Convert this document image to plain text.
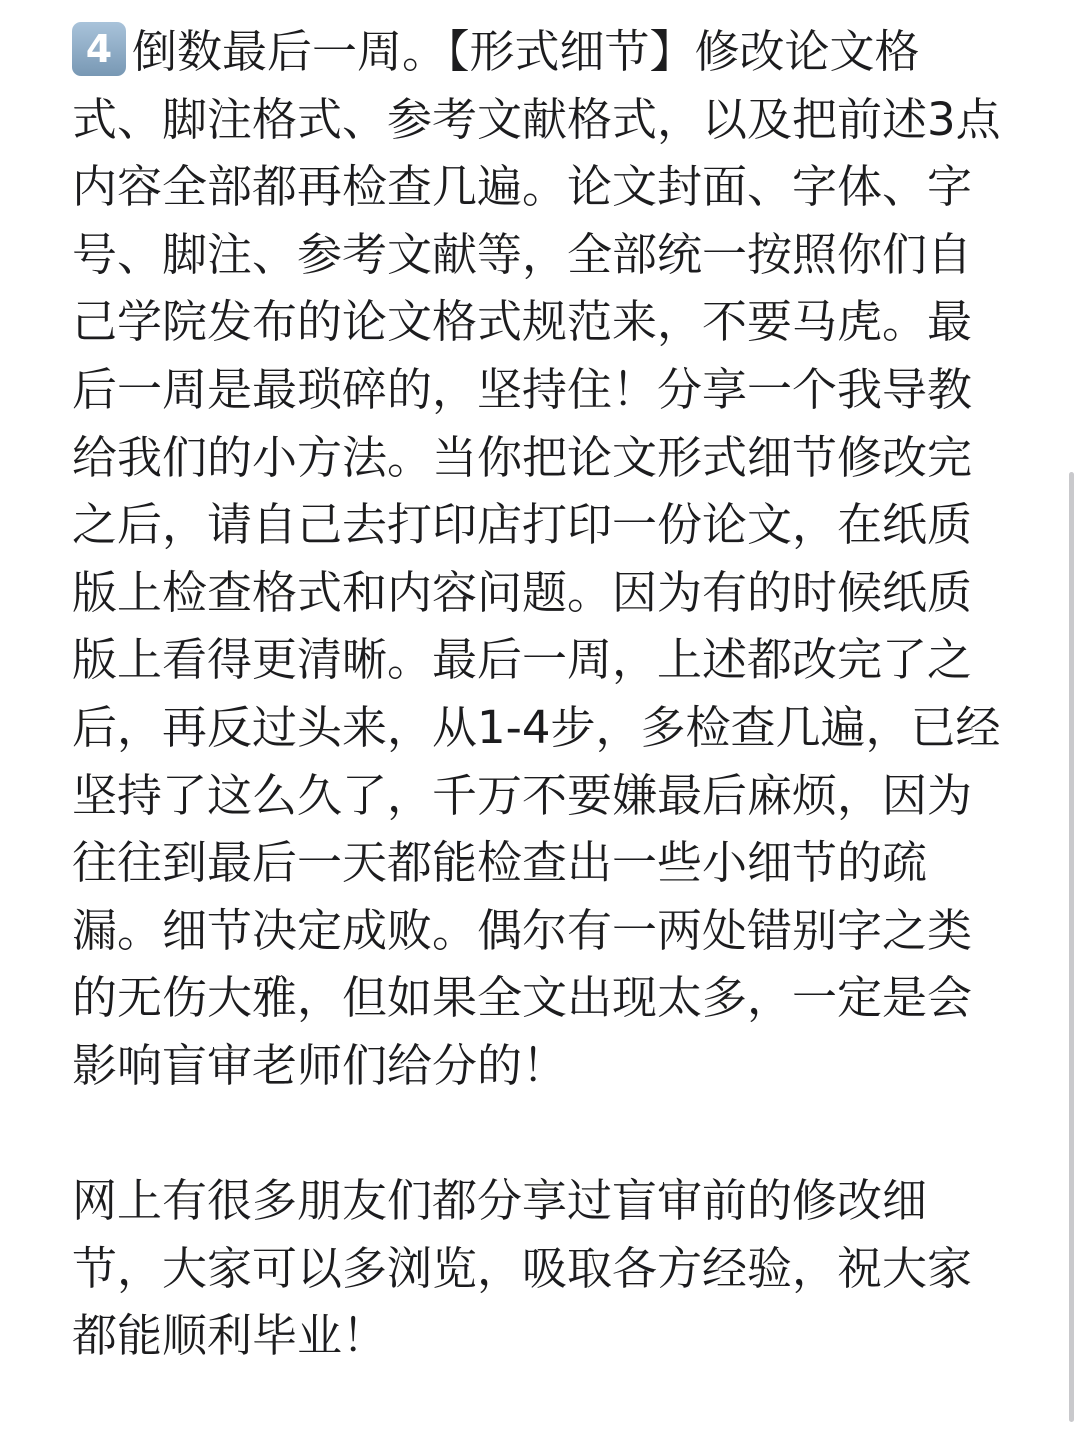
4 倒数最后一周。【形式细节】修改论文格式、脚注格式、参考文献格式，以及把前述3点内容全部都再检查几遍。论文封面、字体、字号、脚注、参考文献等，全部统一按照你们自己学院发布的论文格式规范来，不要马虎。最后一周是最琐碎的，坚持住！分享一个我导教给我们的小方法。当你把论文形式细节修改完之后，请自己去打印店打印一份论文，在纸质版上检查格式和内容问题。因为有的时候纸质版上看得更清晰。最后一周，上述都改完了之后，再反过头来，从1-4步，多检查几遍，已经坚持了这么久了，千万不要嫌最后麻烦，因为往往到最后一天都能检查出一些小细节的疏漏。细节决定成败。偶尔有一两处错别字之类的无伤大雅，但如果全文出现太多，一定是会影响盲审老师们给分的！

网上有很多朋友们都分享过盲审前的修改细节，大家可以多浏览，吸取各方经验，祝大家都能顺利毕业！
